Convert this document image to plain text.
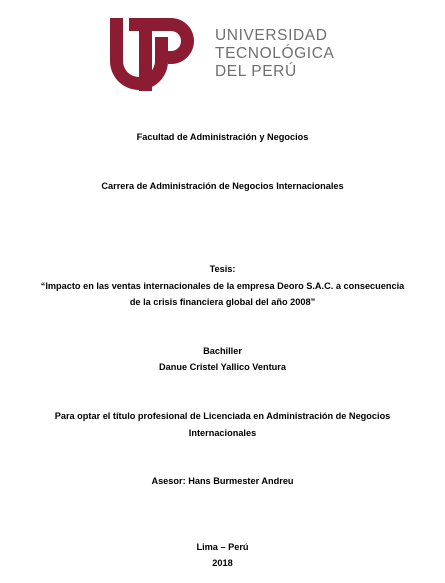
UNIVERSIDAD
TECNOLÓGICA
DEL PERÚ
Facultad de Administración y Negocios
Carrera de Administración de Negocios Internacionales
Tesis:
“Impacto en las ventas internacionales de la empresa Deoro S.A.C. a consecuencia
de la crisis financiera global del año 2008”
Bachiller
Danue Cristel Yallico Ventura
Para optar el título profesional de Licenciada en Administración de Negocios
Internacionales
Asesor: Hans Burmester Andreu
Lima – Perú
2018
